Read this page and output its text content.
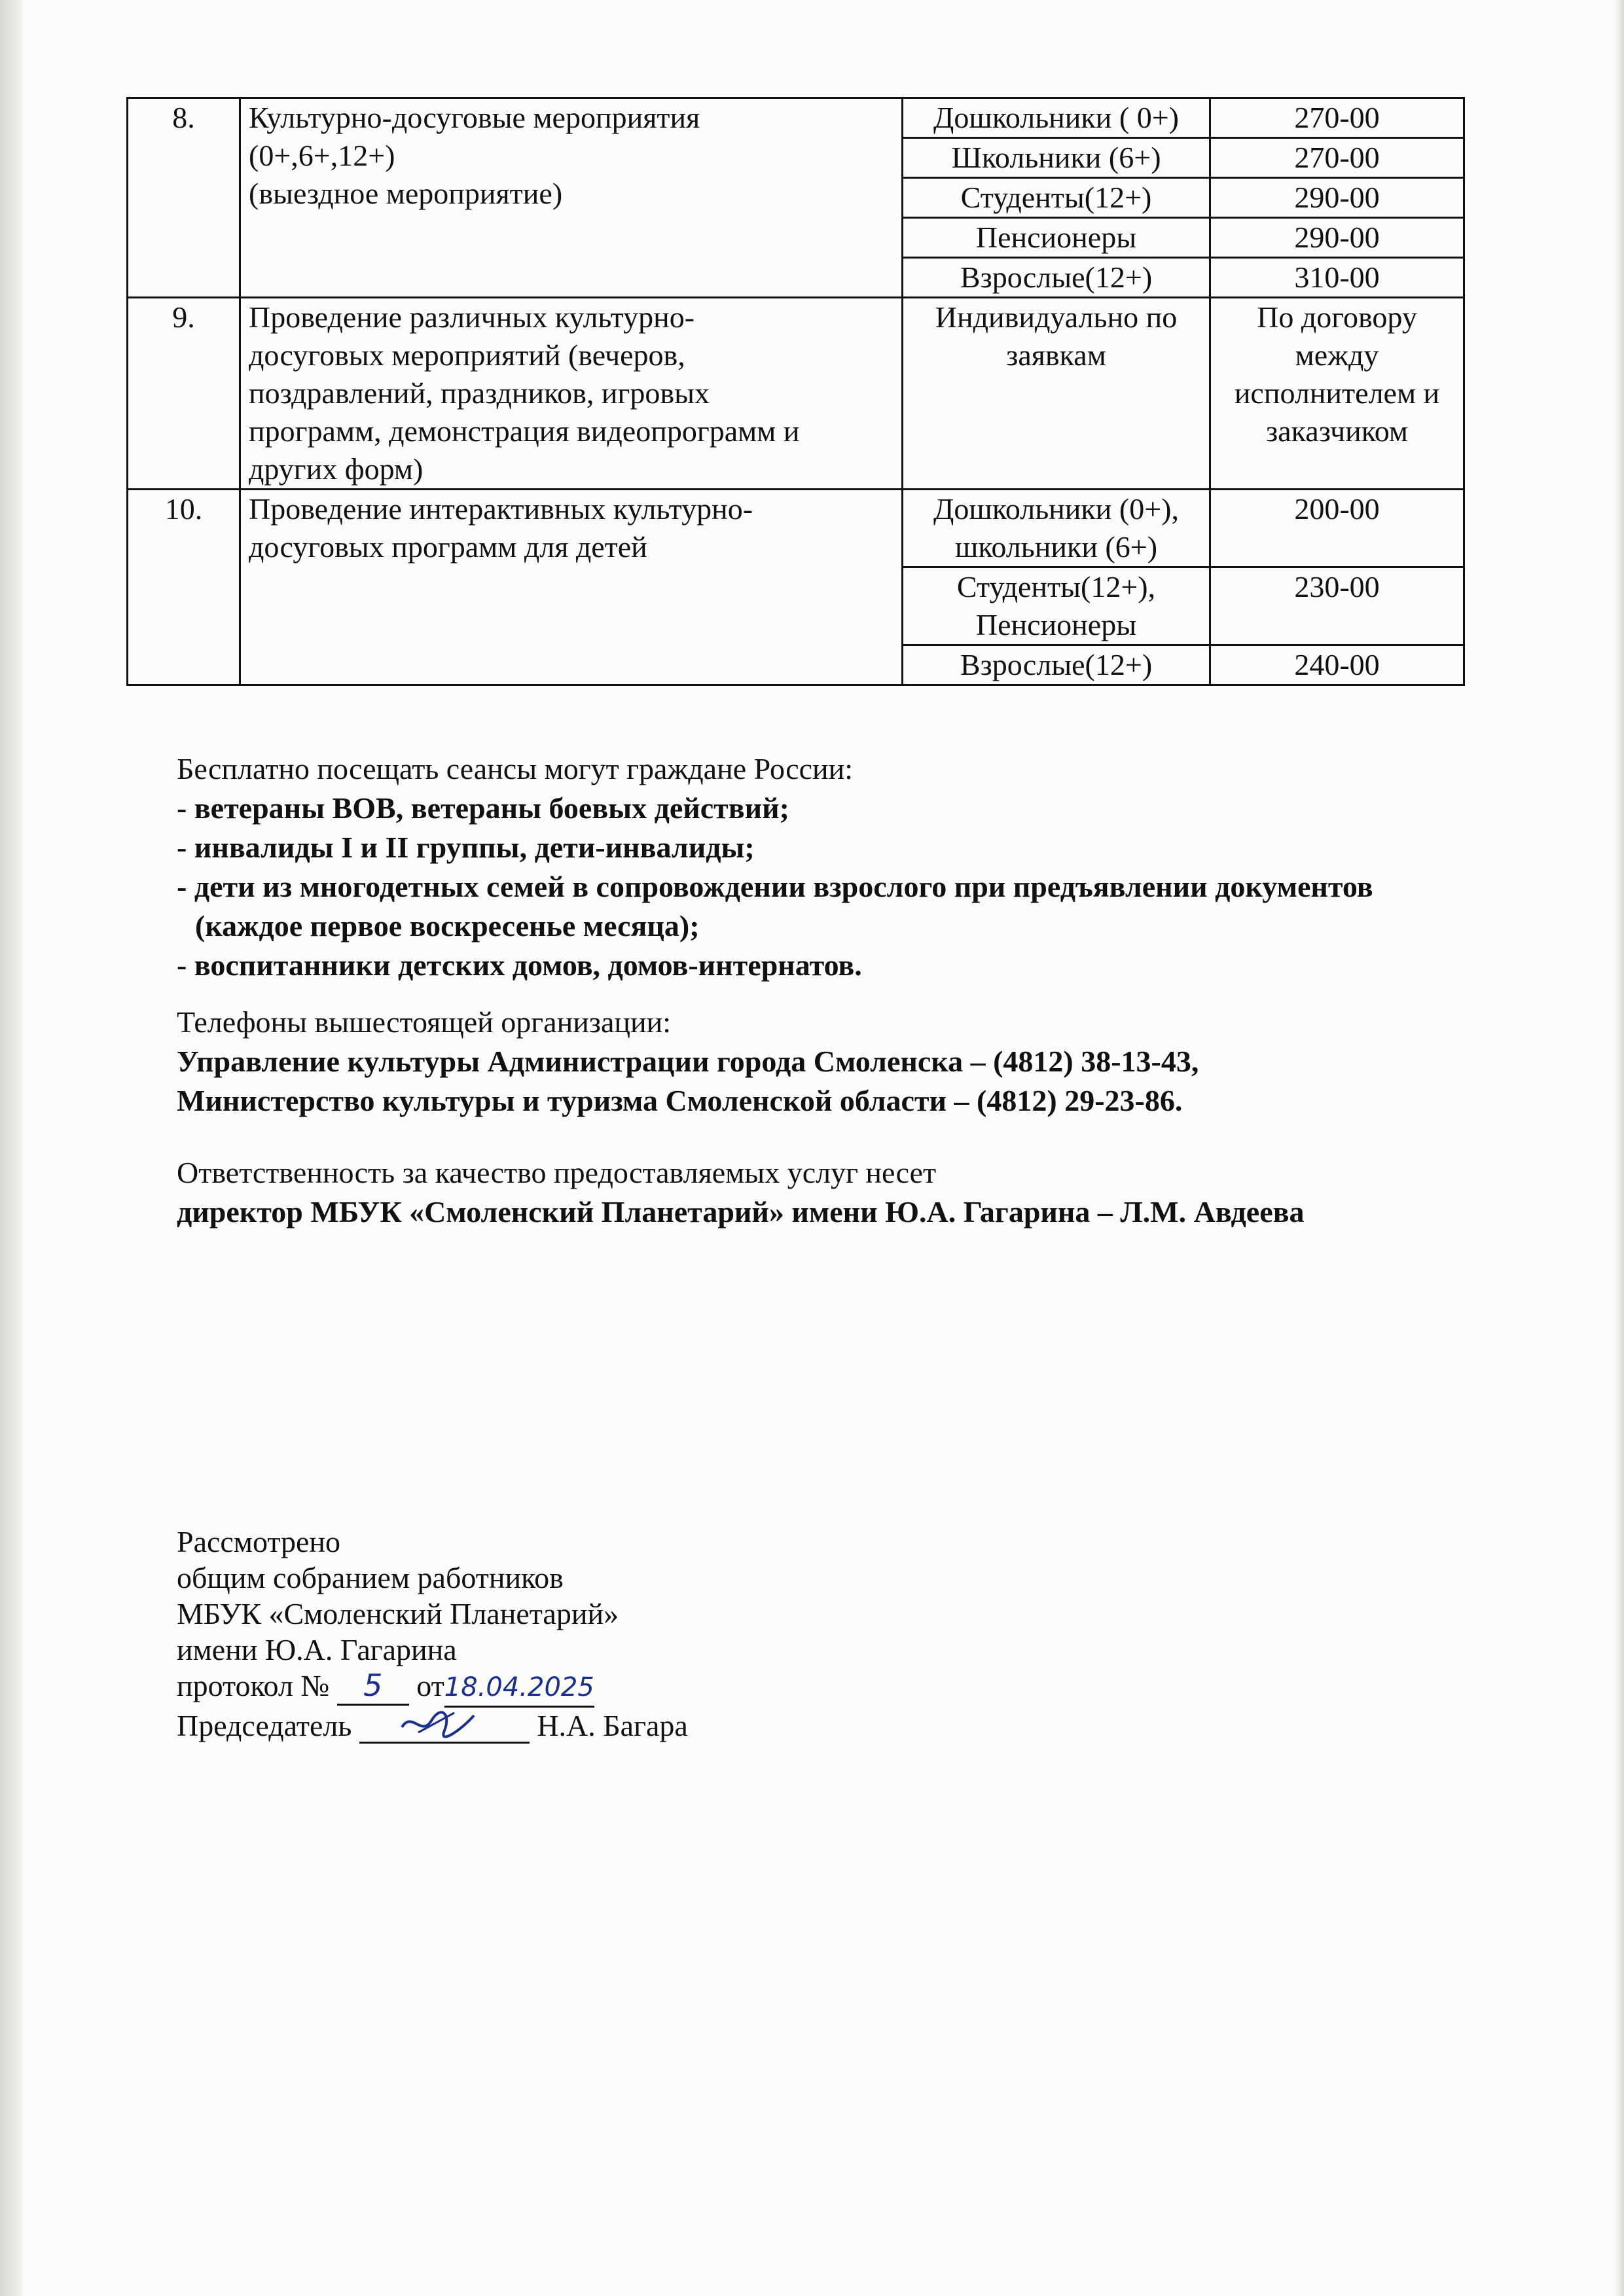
8.	Культурно-досуговые мероприятия
(0+,6+,12+)
(выездное мероприятие)	Дошкольники ( 0+)	270-00
		Школьники (6+)	270-00
		Студенты(12+)	290-00
		Пенсионеры	290-00
		Взрослые(12+)	310-00
9.	Проведение различных культурно-
досуговых мероприятий (вечеров,
поздравлений, праздников, игровых
программ, демонстрация видеопрограмм и
других форм)	Индивидуально по заявкам	По договору между исполнителем и заказчиком
10.	Проведение интерактивных культурно-
досуговых программ для детей	Дошкольники (0+), школьники (6+)	200-00
		Студенты(12+), Пенсионеры	230-00
		Взрослые(12+)	240-00
Бесплатно посещать сеансы могут граждане России:
- ветераны ВОВ, ветераны боевых действий;
- инвалиды I и II группы, дети-инвалиды;
- дети из многодетных семей в сопровождении взрослого при предъявлении документов
(каждое первое воскресенье месяца);
- воспитанники детских домов, домов-интернатов.
Телефоны вышестоящей организации:
Управление культуры Администрации города Смоленска – (4812) 38-13-43,
Министерство культуры и туризма Смоленской области – (4812) 29-23-86.
Ответственность за качество предоставляемых услуг несет
директор МБУК «Смоленский Планетарий» имени Ю.А. Гагарина – Л.М. Авдеева
Рассмотрено
общим собранием работников
МБУК «Смоленский Планетарий»
имени Ю.А. Гагарина
протокол № 5 от18.04.2025
Председатель	Н.А. Багара
